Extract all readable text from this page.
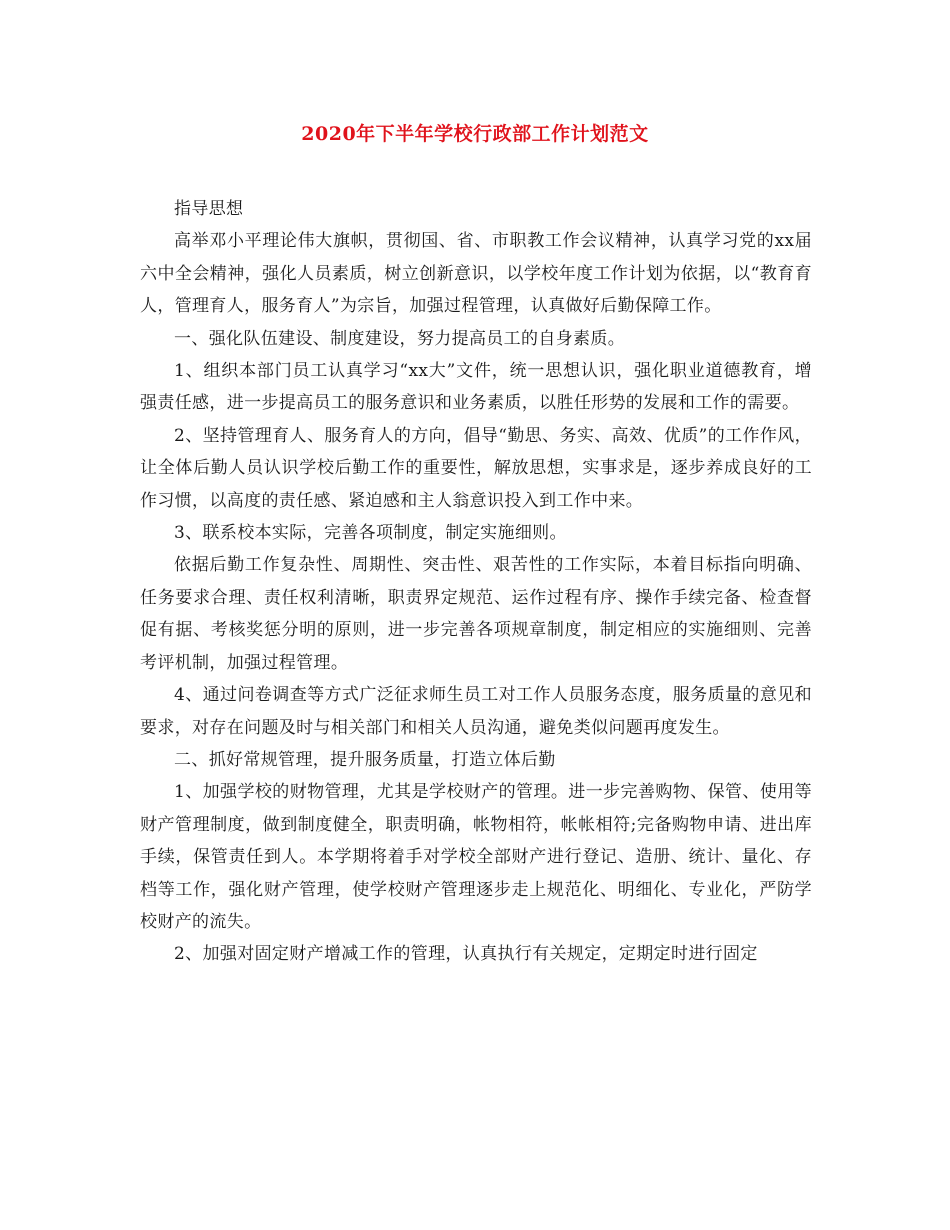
2020年下半年学校行政部工作计划范文

指导思想

高举邓小平理论伟大旗帜，贯彻国、省、市职教工作会议精神，认真学习党的xx届六中全会精神，强化人员素质，树立创新意识，以学校年度工作计划为依据，以“教育育人，管理育人，服务育人”为宗旨，加强过程管理，认真做好后勤保障工作。

一、强化队伍建设、制度建设，努力提高员工的自身素质。

1、组织本部门员工认真学习“xx大”文件，统一思想认识，强化职业道德教育，增强责任感，进一步提高员工的服务意识和业务素质，以胜任形势的发展和工作的需要。

2、坚持管理育人、服务育人的方向，倡导“勤思、务实、高效、优质”的工作作风，让全体后勤人员认识学校后勤工作的重要性，解放思想，实事求是，逐步养成良好的工作习惯，以高度的责任感、紧迫感和主人翁意识投入到工作中来。

3、联系校本实际，完善各项制度，制定实施细则。

依据后勤工作复杂性、周期性、突击性、艰苦性的工作实际，本着目标指向明确、任务要求合理、责任权利清晰，职责界定规范、运作过程有序、操作手续完备、检查督促有据、考核奖惩分明的原则，进一步完善各项规章制度，制定相应的实施细则、完善考评机制，加强过程管理。

4、通过问卷调查等方式广泛征求师生员工对工作人员服务态度，服务质量的意见和要求，对存在问题及时与相关部门和相关人员沟通，避免类似问题再度发生。

二、抓好常规管理，提升服务质量，打造立体后勤

1、加强学校的财物管理，尤其是学校财产的管理。进一步完善购物、保管、使用等财产管理制度，做到制度健全，职责明确，帐物相符，帐帐相符;完备购物申请、进出库手续，保管责任到人。本学期将着手对学校全部财产进行登记、造册、统计、量化、存档等工作，强化财产管理，使学校财产管理逐步走上规范化、明细化、专业化，严防学校财产的流失。

2、加强对固定财产增减工作的管理，认真执行有关规定，定期定时进行固定
